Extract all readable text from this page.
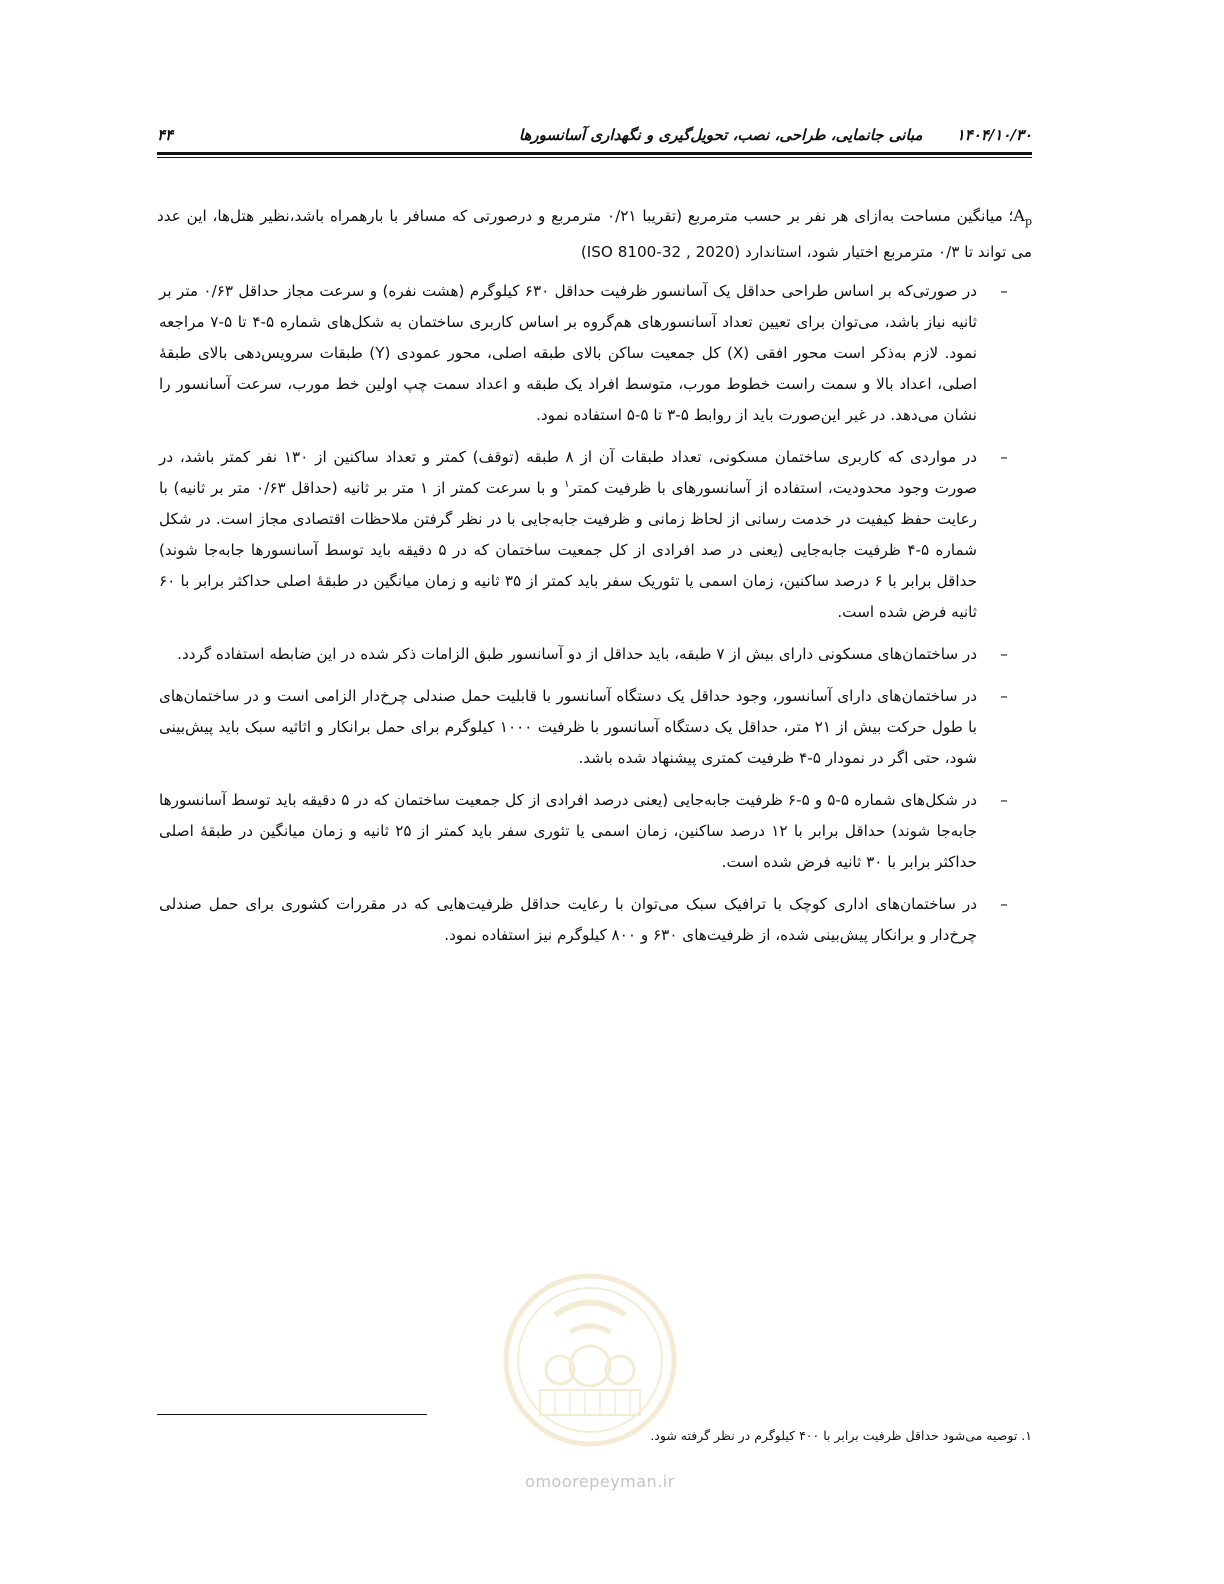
۴۴	۱۴۰۴/۱۰/۳۰
مبانی جانمایی، طراحی، نصب، تحویل‌گیری و نگهداری آسانسورها

$A_p؛$ میانگین مساحت به‌ازای هر نفر بر حسب مترمربع (تقریبا ۰/۲۱ مترمربع و درصورتی که مسافر با بارهمراه باشد،نظیر هتل‌ها، این عدد می تواند تا ۰/۳ مترمربع اختیار شود، استاندارد (ISO 8100-32 , 2020)

–
در صورتی‌که بر اساس طراحی حداقل یک آسانسور ظرفیت حداقل ۶۳۰ کیلوگرم (هشت نفره) و سرعت مجاز حداقل ۰/۶۳ متر بر ثانیه نیاز باشد، می‌توان برای تعیین تعداد آسانسورهای هم‌گروه بر اساس کاربری ساختمان به شکل‌های شماره ۵-۴ تا ۵-۷ مراجعه نمود. لازم به‌ذکر است محور افقی (X) کل جمعیت ساکن بالای طبقه اصلی، محور عمودی (Y) طبقات سرویس‌دهی بالای طبقهٔ اصلی، اعداد بالا و سمت راست خطوط مورب، متوسط افراد یک طبقه و اعداد سمت چپ اولین خط مورب، سرعت آسانسور را نشان می‌دهد. در غیر این‌صورت باید از روابط ۵-۳ تا ۵-۵ استفاده نمود.
–
در مواردی که کاربری ساختمان مسکونی، تعداد طبقات آن از ۸ طبقه (توقف) کمتر و تعداد ساکنین از ۱۳۰ نفر کمتر باشد، در صورت وجود محدودیت، استفاده از آسانسورهای با ظرفیت کمتر$^۱$ و با سرعت کمتر از ۱ متر بر ثانیه (حداقل ۰/۶۳ متر بر ثانیه) با رعایت حفظ کیفیت در خدمت رسانی از لحاظ زمانی و ظرفیت جابه‌جایی با در نظر گرفتن ملاحظات اقتصادی مجاز است. در شکل شماره ۵-۴ ظرفیت جابه‌جایی (یعنی در صد افرادی از کل جمعیت ساختمان که در ۵ دقیقه باید توسط آسانسورها جابه‌جا شوند) حداقل برابر با ۶ درصد ساکنین، زمان اسمی یا تئوریک سفر باید کمتر از ۳۵ ثانیه و زمان میانگین در طبقهٔ اصلی حداکثر برابر با ۶۰ ثانیه فرض شده است.
–
در ساختمان‌های مسکونی دارای بیش از ۷ طبقه، باید حداقل از دو آسانسور طبق الزامات ذکر شده در این ضابطه استفاده گردد.
–
در ساختمان‌های دارای آسانسور، وجود حداقل یک دستگاه آسانسور با قابلیت حمل صندلی چرخ‌دار الزامی است و در ساختمان‌های با طول حرکت بیش از ۲۱ متر، حداقل یک دستگاه آسانسور با ظرفیت ۱۰۰۰ کیلوگرم برای حمل برانکار و اثاثیه سبک باید پیش‌بینی شود، حتی اگر در نمودار ۵-۴ ظرفیت کمتری پیشنهاد شده باشد.
–
در شکل‌های شماره ۵-۵ و ۵-۶ ظرفیت جابه‌جایی (یعنی درصد افرادی از کل جمعیت ساختمان که در ۵ دقیقه باید توسط آسانسورها جابه‌جا شوند) حداقل برابر با ۱۲ درصد ساکنین، زمان اسمی یا تئوری سفر باید کمتر از ۲۵ ثانیه و زمان میانگین در طبقهٔ اصلی حداکثر برابر با ۳۰ ثانیه فرض شده است.
–
در ساختمان‌های اداری کوچک با ترافیک سبک می‌توان با رعایت حداقل ظرفیت‌هایی که در مقررات کشوری برای حمل صندلی چرخ‌دار و برانکار پیش‌بینی شده، از ظرفیت‌های ۶۳۰ و ۸۰۰ کیلوگرم نیز استفاده نمود.
۱. توصیه می‌شود حداقل ظرفیت برابر با ۴۰۰ کیلوگرم در نظر گرفته شود.
omoorepeyman.ir
